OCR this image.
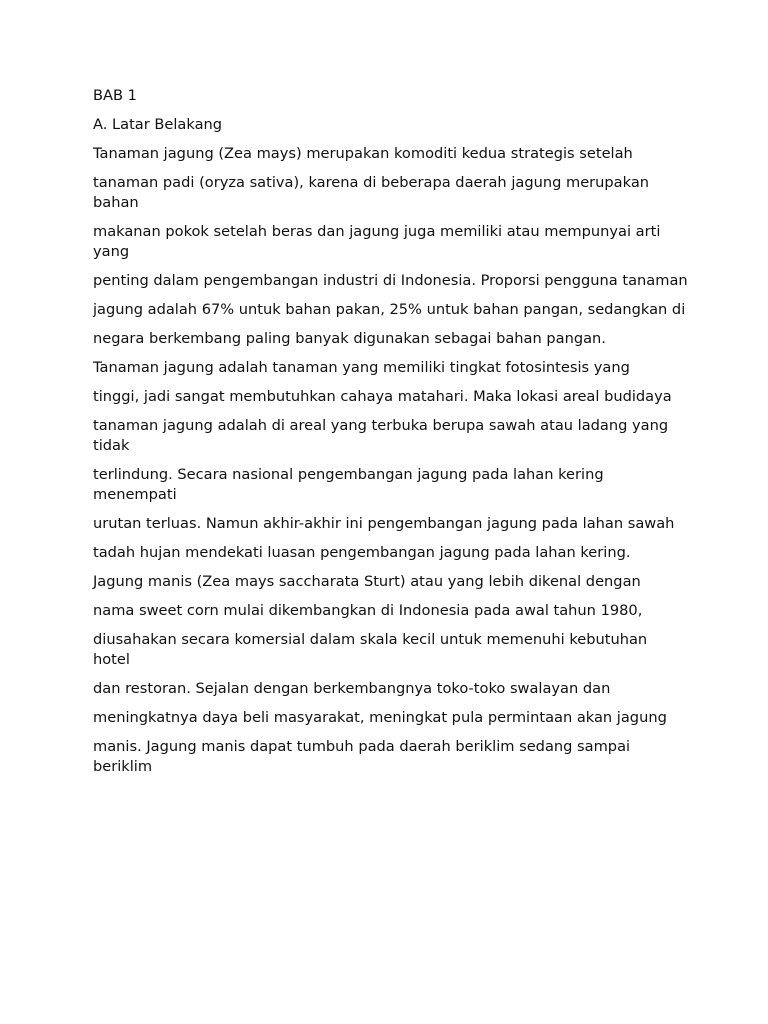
BAB 1

A. Latar Belakang

Tanaman jagung (Zea mays) merupakan komoditi kedua strategis setelah

tanaman padi (oryza sativa), karena di beberapa daerah jagung merupakan bahan

makanan pokok setelah beras dan jagung juga memiliki atau mempunyai arti yang

penting dalam pengembangan industri di Indonesia. Proporsi pengguna tanaman

jagung adalah 67% untuk bahan pakan, 25% untuk bahan pangan, sedangkan di

negara berkembang paling banyak digunakan sebagai bahan pangan.

Tanaman jagung adalah tanaman yang memiliki tingkat fotosintesis yang

tinggi, jadi sangat membutuhkan cahaya matahari. Maka lokasi areal budidaya

tanaman jagung adalah di areal yang terbuka berupa sawah atau ladang yang tidak

terlindung. Secara nasional pengembangan jagung pada lahan kering menempati

urutan terluas. Namun akhir-akhir ini pengembangan jagung pada lahan sawah

tadah hujan mendekati luasan pengembangan jagung pada lahan kering.

Jagung manis (Zea mays saccharata Sturt) atau yang lebih dikenal dengan

nama sweet corn mulai dikembangkan di Indonesia pada awal tahun 1980,

diusahakan secara komersial dalam skala kecil untuk memenuhi kebutuhan hotel

dan restoran. Sejalan dengan berkembangnya toko-toko swalayan dan

meningkatnya daya beli masyarakat, meningkat pula permintaan akan jagung

manis. Jagung manis dapat tumbuh pada daerah beriklim sedang sampai beriklim
